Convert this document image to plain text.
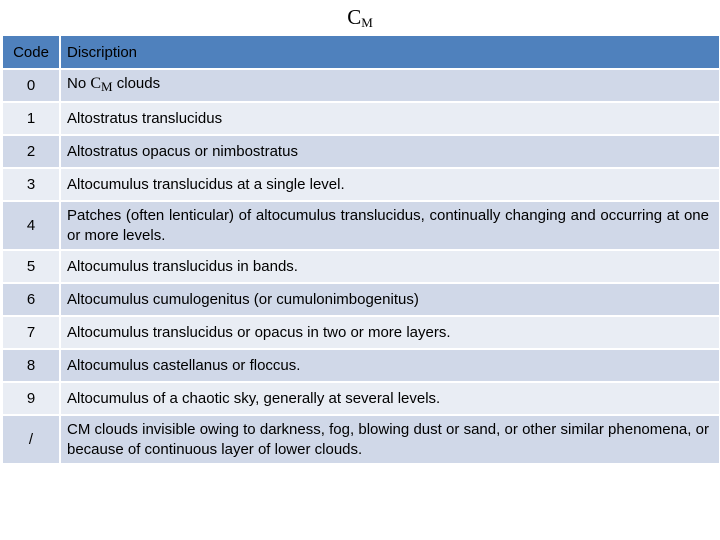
$C_M$
Code	Discription
0	No $C_M$ clouds
1	Altostratus translucidus
2	Altostratus opacus or nimbostratus
3	Altocumulus translucidus at a single level.
4	Patches (often lenticular) of altocumulus translucidus, continually changing and occurring at one or more levels.
5	Altocumulus translucidus in bands.
6	Altocumulus cumulogenitus (or cumulonimbogenitus)
7	Altocumulus translucidus or opacus in two or more layers.
8	Altocumulus castellanus or floccus.
9	Altocumulus of a chaotic sky, generally at several levels.
/	CM clouds invisible owing to darkness, fog, blowing dust or sand, or other similar phenomena, or because of continuous layer of lower clouds.
